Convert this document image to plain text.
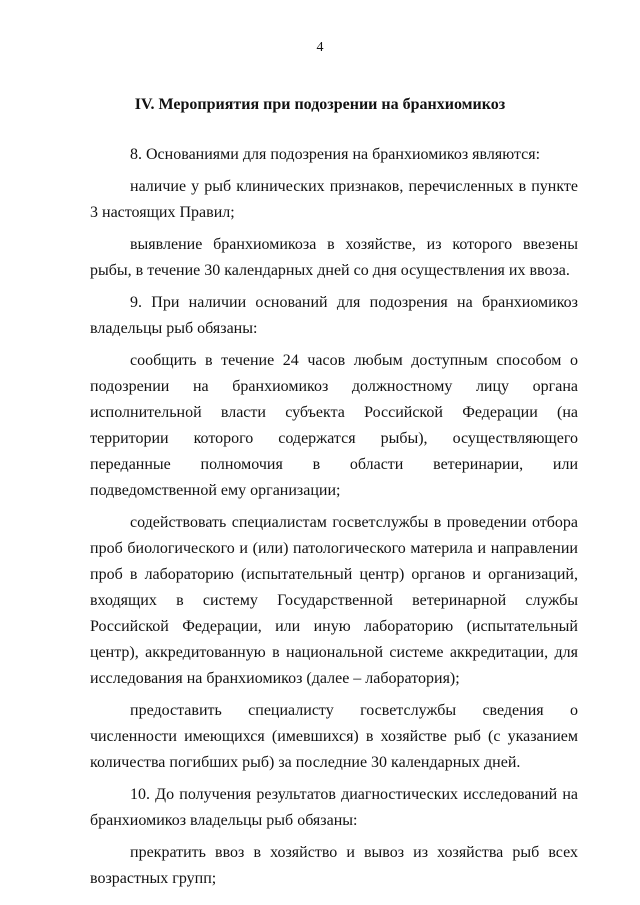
4
IV. Мероприятия при подозрении на бранхиомикоз

8. Основаниями для подозрения на бранхиомикоз являются:

наличие у рыб клинических признаков, перечисленных в пункте 3 настоящих Правил;

выявление бранхиомикоза в хозяйстве, из которого ввезены рыбы, в течение 30 календарных дней со дня осуществления их ввоза.

9. При наличии оснований для подозрения на бранхиомикоз владельцы рыб обязаны:

сообщить в течение 24 часов любым доступным способом о подозрении на бранхиомикоз должностному лицу органа исполнительной власти субъекта Российской Федерации (на территории которого содержатся рыбы), осуществляющего переданные полномочия в области ветеринарии, или подведомственной ему организации;

содействовать специалистам госветслужбы в проведении отбора проб биологического и (или) патологического материла и направлении проб в лабораторию (испытательный центр) органов и организаций, входящих в систему Государственной ветеринарной службы Российской Федерации, или иную лабораторию (испытательный центр), аккредитованную в национальной системе аккредитации, для исследования на бранхиомикоз (далее – лаборатория);

предоставить специалисту госветслужбы сведения о численности имеющихся (имевшихся) в хозяйстве рыб (с указанием количества погибших рыб) за последние 30 календарных дней.

10. До получения результатов диагностических исследований на бранхиомикоз владельцы рыб обязаны:

прекратить ввоз в хозяйство и вывоз из хозяйства рыб всех возрастных групп;
